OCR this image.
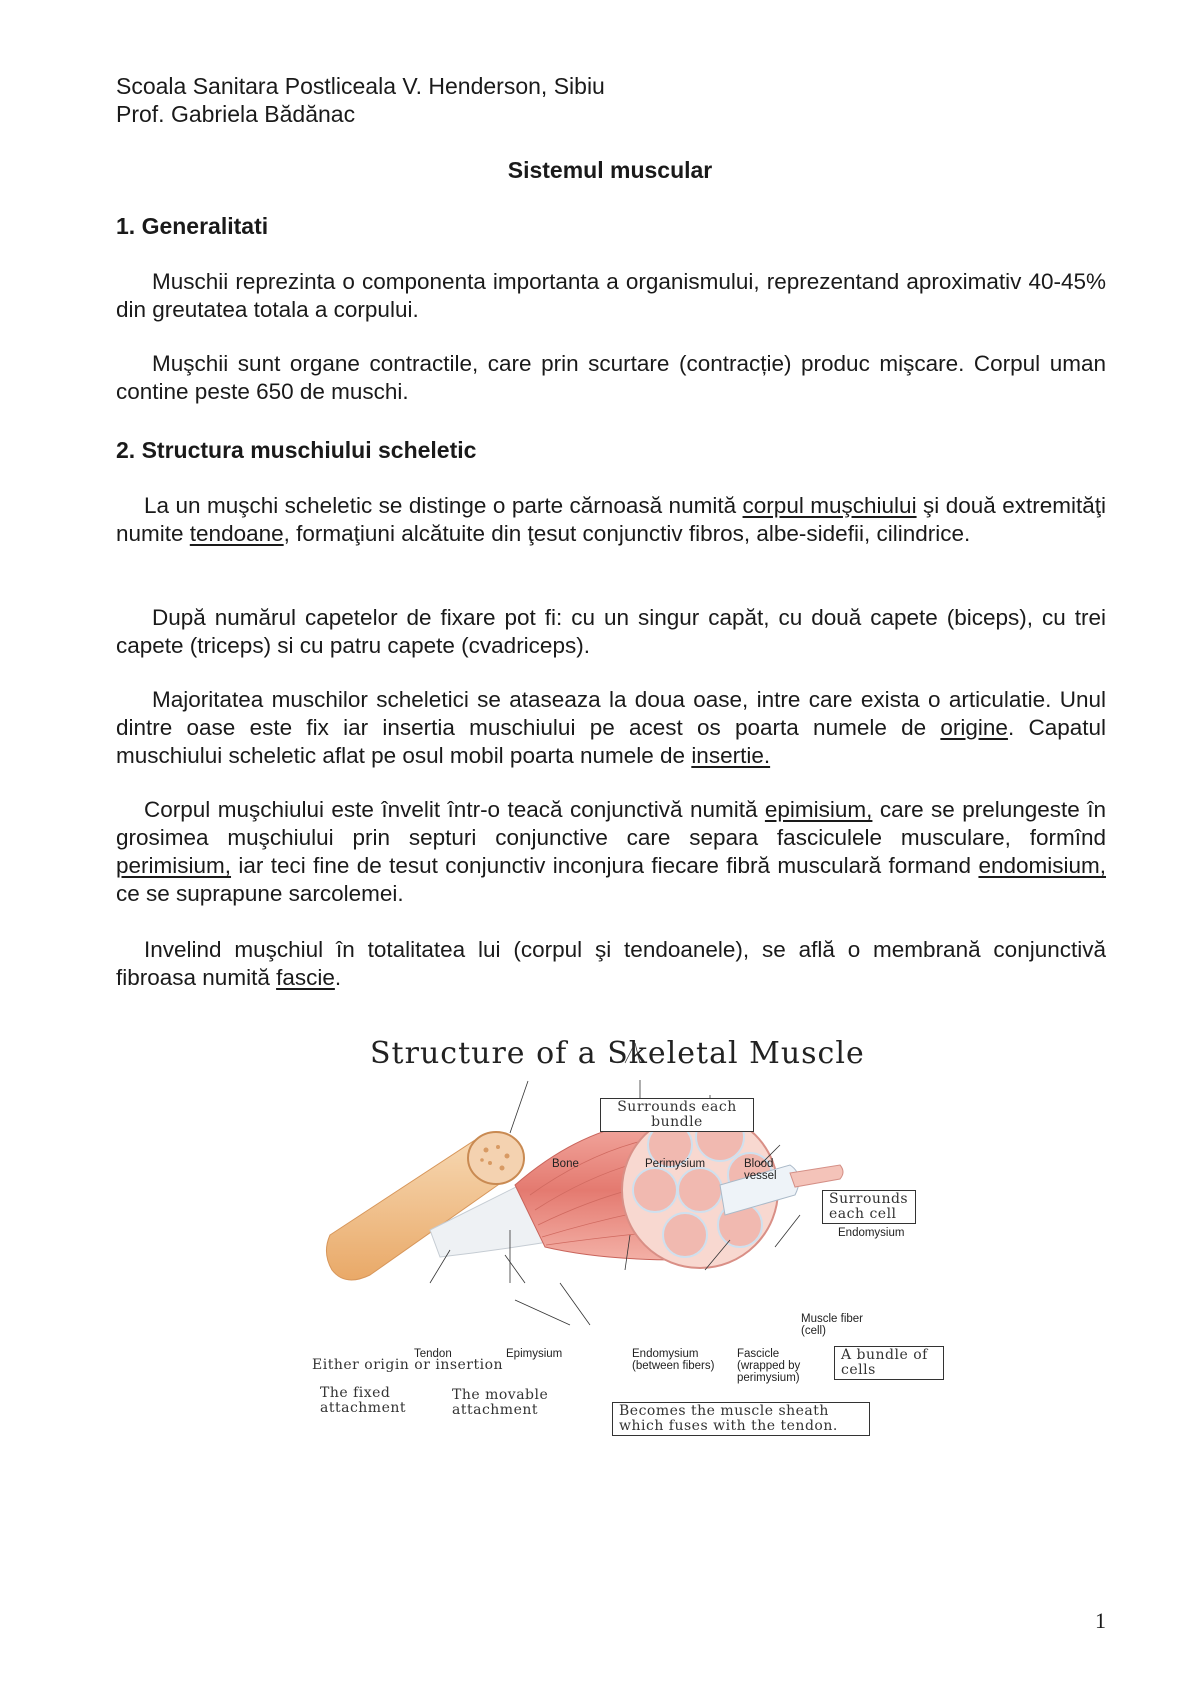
Scoala Sanitara Postliceala V. Henderson, Sibiu
Prof. Gabriela Bădănac
Sistemul muscular
1. Generalitati
Muschii reprezinta o componenta importanta a organismului, reprezentand aproximativ 40-45% din greutatea totala a corpului.
Muşchii sunt organe contractile, care prin scurtare (contracție) produc mişcare. Corpul uman contine peste 650 de muschi.
2. Structura muschiului scheletic
La un muşchi scheletic se distinge o parte cărnoasă numită corpul muşchiului şi două extremităţi numite tendoane, formaţiuni alcătuite din ţesut conjunctiv fibros, albe-sidefii, cilindrice.
După numărul capetelor de fixare pot fi: cu un singur capăt, cu două capete (biceps), cu trei capete (triceps) si cu patru capete (cvadriceps).
Majoritatea muschilor scheletici se ataseaza la doua oase, intre care exista o articulatie. Unul dintre oase este fix iar insertia muschiului pe acest os poarta numele de origine. Capatul muschiului scheletic aflat pe osul mobil poarta numele de insertie.
Corpul muşchiului este învelit într-o teacă conjunctivă numită epimisium, care se prelungeste în grosimea muşchiului prin septuri conjunctive care separa fasciculele musculare, formînd perimisium, iar teci fine de tesut conjunctiv inconjura fiecare fibră musculară formand endomisium, ce se suprapune sarcolemei.
Invelind muşchiul în totalitatea lui (corpul şi tendoanele), se află o membrană conjunctivă fibroasa numită fascie.
Structure of a Skeletal Muscle
Surrounds each bundle
Bone	Perimysium	Blood vessel
Surrounds each cell
Endomysium
Muscle fiber (cell)
Tendon	Epimysium	Endomysium (between fibers)
Fascicle (wrapped by perimysium)
A bundle of cells
Either origin or insertion
The fixed attachment
The movable attachment	Becomes the muscle sheath which fuses with the tendon.
1
